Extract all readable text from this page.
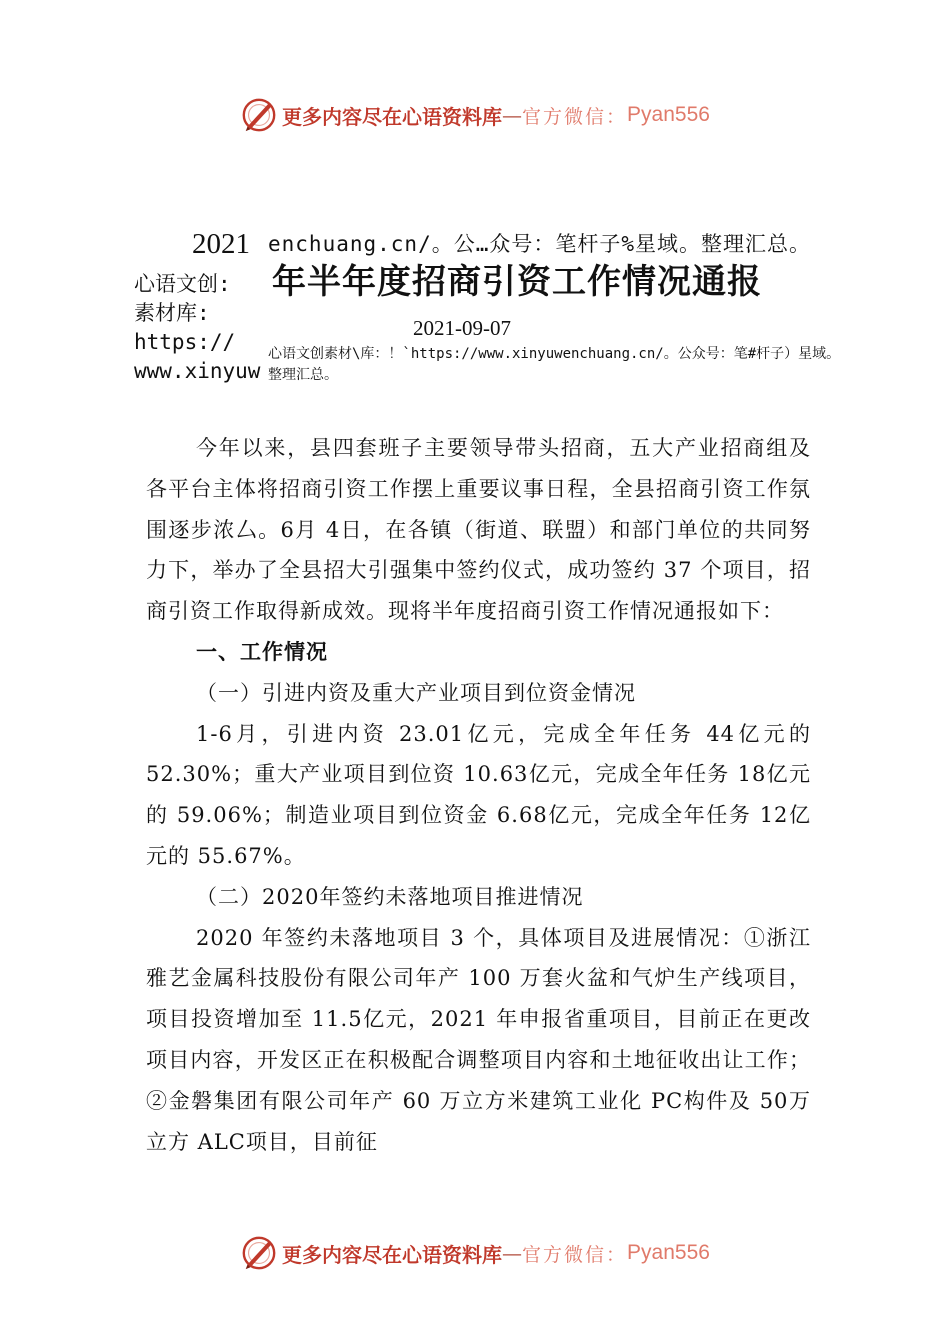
更多内容尽在心语资料库 — 官方微信： Pyan556
2021 enchuang.cn/。公…众号：笔杆子%星域。整理汇总。
心语文创:
素材库:
https://
www.xinyuw
年半年度招商引资工作情况通报
2021-09-07
心语文创素材\库：！`https://www.xinyuwenchuang.cn/。公众号：笔#杆子）星域。整理汇总。

今年以来，县四套班子主要领导带头招商，五大产业招商组及各平台主体将招商引资工作摆上重要议事日程，全县招商引资工作氛围逐步浓厶。6月 4日，在各镇（街道、联盟）和部门单位的共同努力下，举办了全县招大引强集中签约仪式，成功签约 37 个项目，招商引资工作取得新成效。现将半年度招商引资工作情况通报如下：

一、工作情况

（一）引进内资及重大产业项目到位资金情况

1-6月，引进内资 23.01亿元，完成全年任务 44亿元的 52.30%；重大产业项目到位资 10.63亿元，完成全年任务 18亿元的 59.06%；制造业项目到位资金 6.68亿元，完成全年任务 12亿元的 55.67%。

（二）2020年签约未落地项目推进情况

2020 年签约未落地项目 3 个，具体项目及进展情况：①浙江雅艺金属科技股份有限公司年产 100 万套火盆和气炉生产线项目，项目投资增加至 11.5亿元，2021 年申报省重项目，目前正在更改项目内容，开发区正在积极配合调整项目内容和土地征收出让工作；②金磐集团有限公司年产 60 万立方米建筑工业化 PC构件及 50万立方 ALC项目，目前征

更多内容尽在心语资料库 — 官方微信： Pyan556
